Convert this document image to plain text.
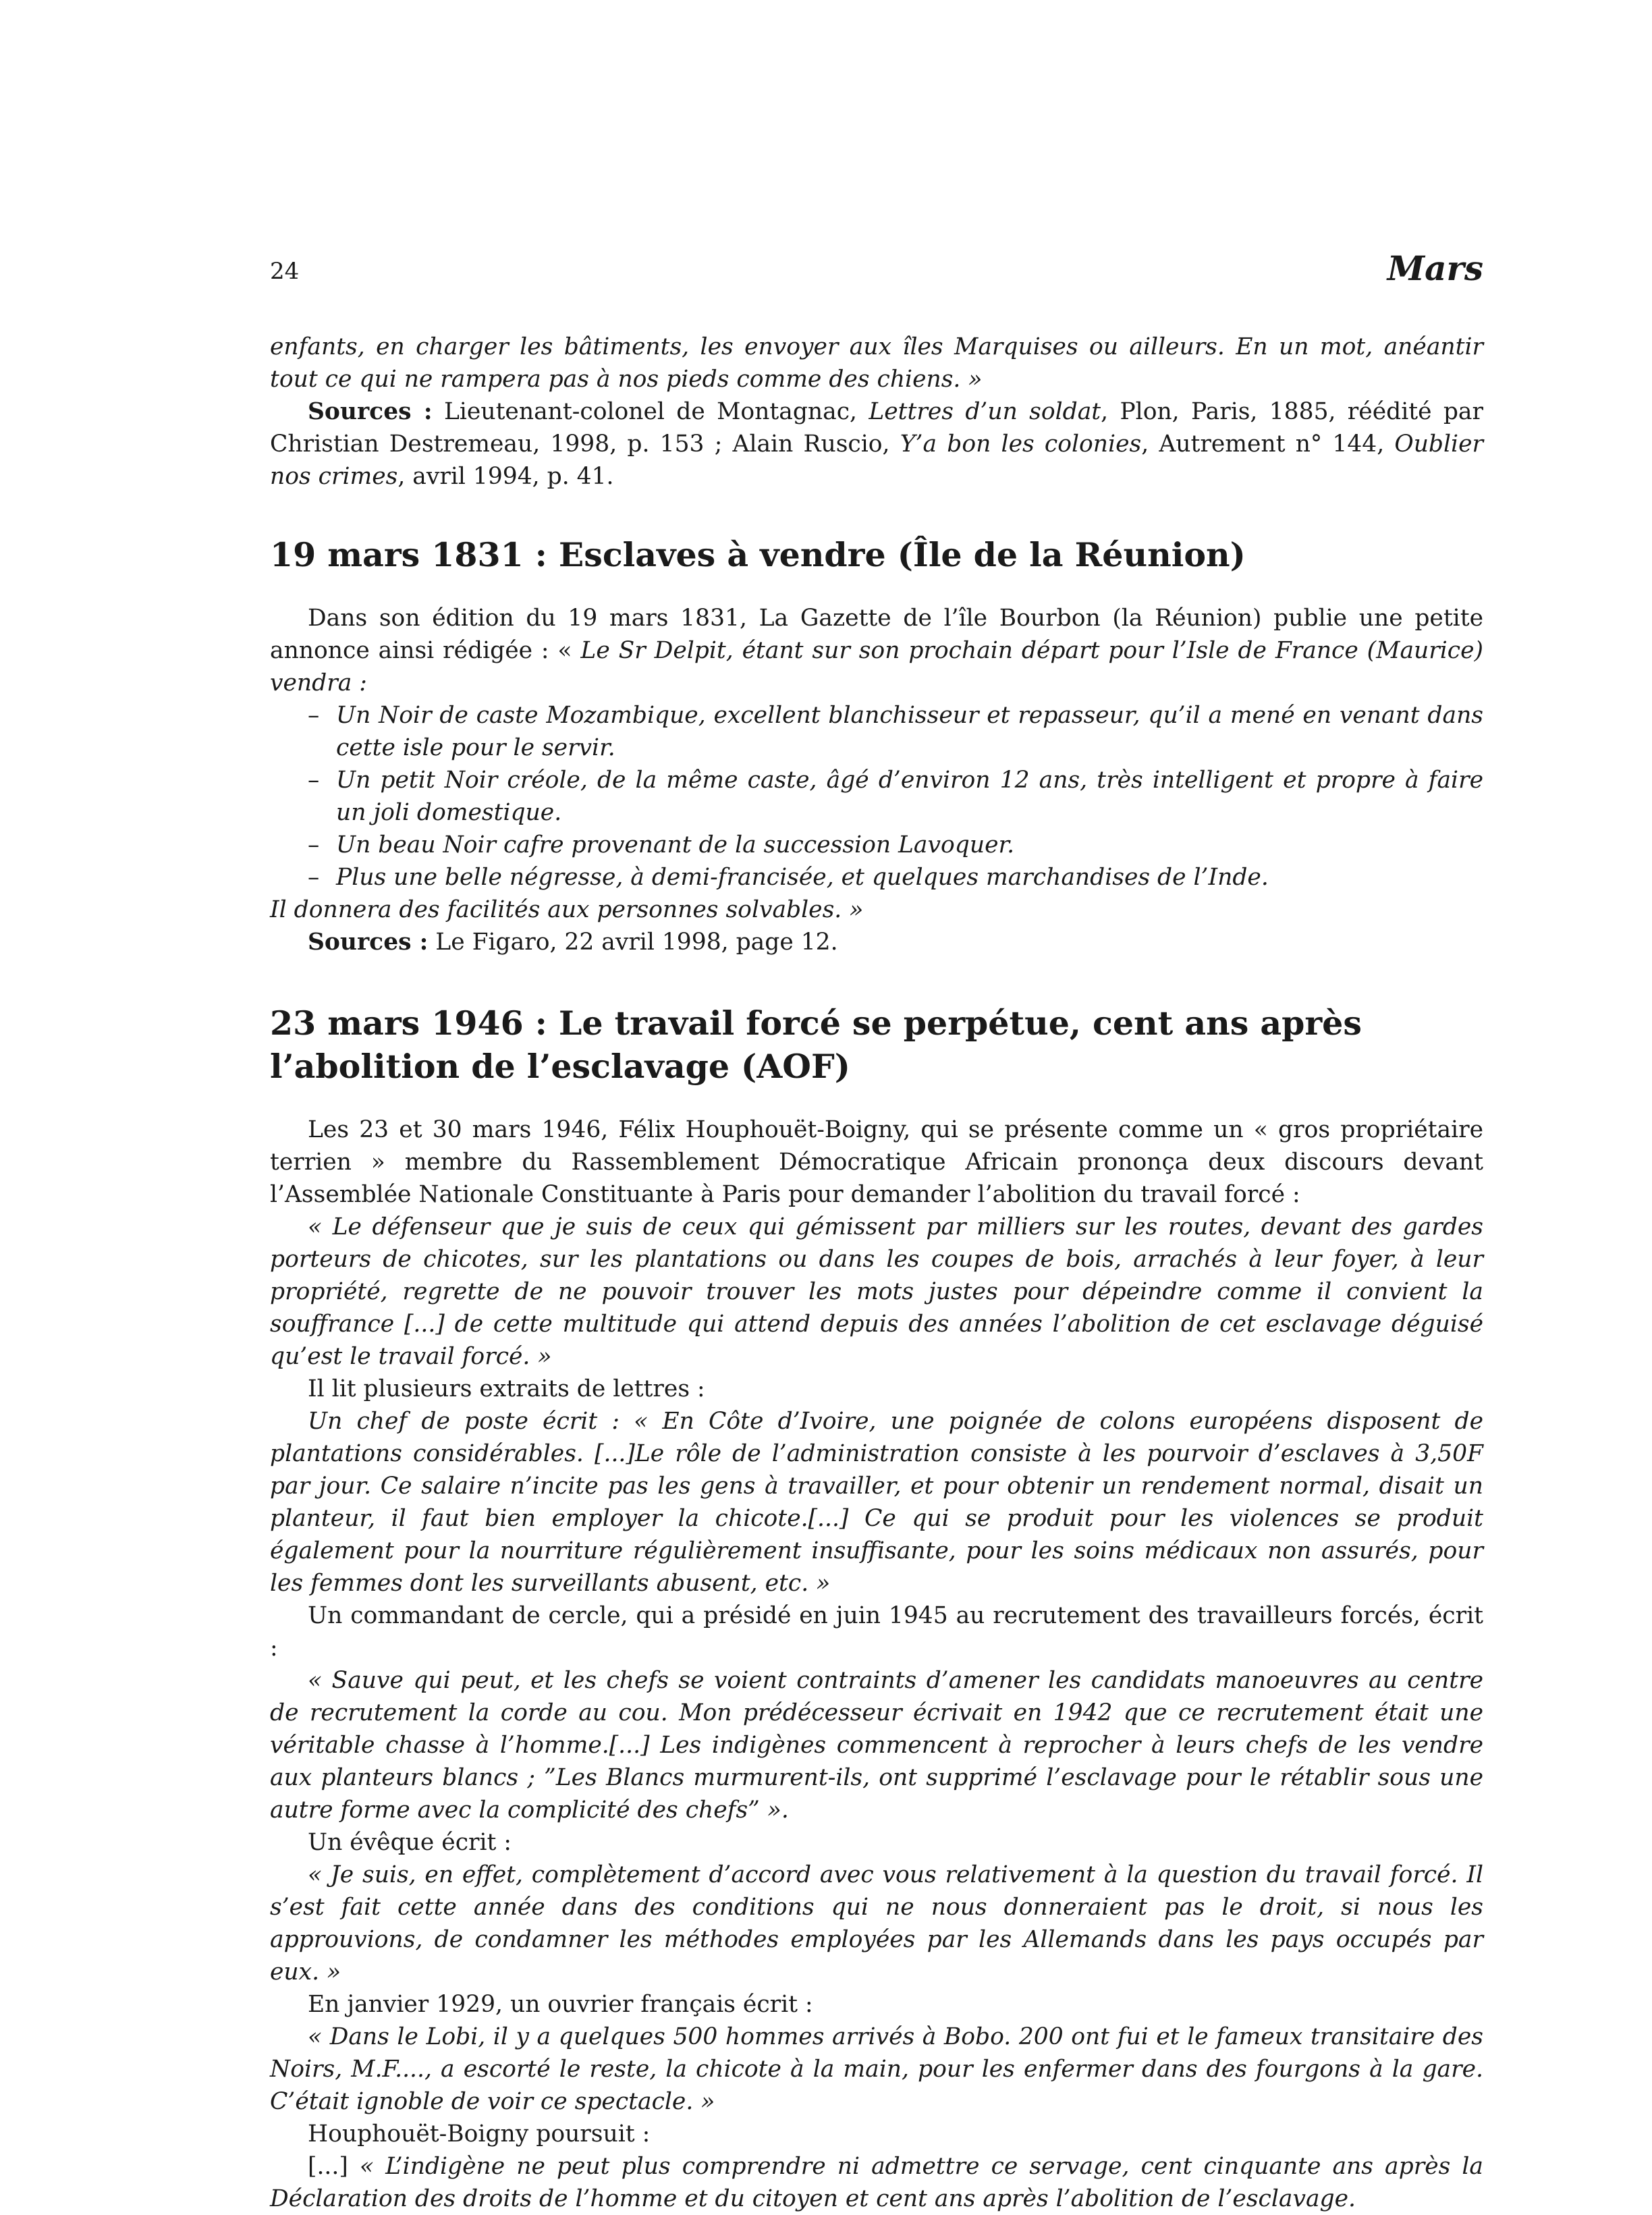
24	Mars

enfants, en charger les bâtiments, les envoyer aux îles Marquises ou ailleurs. En un mot, anéantir tout ce qui ne rampera pas à nos pieds comme des chiens. »

Sources : Lieutenant-colonel de Montagnac, Lettres d’un soldat, Plon, Paris, 1885, réédité par Christian Destremeau, 1998, p. 153 ; Alain Ruscio, Y’a bon les colonies, Autrement n° 144, Oublier nos crimes, avril 1994, p. 41.

19 mars 1831 : Esclaves à vendre (Île de la Réunion)

Dans son édition du 19 mars 1831, La Gazette de l’île Bourbon (la Réunion) publie une petite annonce ainsi rédigée : « Le Sr Delpit, étant sur son prochain départ pour l’Isle de France (Maurice) vendra :

– Un Noir de caste Mozambique, excellent blanchisseur et repasseur, qu’il a mené en venant dans cette isle pour le servir.
– Un petit Noir créole, de la même caste, âgé d’environ 12 ans, très intelligent et propre à faire un joli domestique.
– Un beau Noir cafre provenant de la succession Lavoquer.
– Plus une belle négresse, à demi-francisée, et quelques marchandises de l’Inde.

Il donnera des facilités aux personnes solvables. »

Sources : Le Figaro, 22 avril 1998, page 12.

23 mars 1946 : Le travail forcé se perpétue, cent ans après l’abolition de l’esclavage (AOF)

Les 23 et 30 mars 1946, Félix Houphouët-Boigny, qui se présente comme un « gros propriétaire terrien » membre du Rassemblement Démocratique Africain prononça deux discours devant l’Assemblée Nationale Constituante à Paris pour demander l’abolition du travail forcé :

« Le défenseur que je suis de ceux qui gémissent par milliers sur les routes, devant des gardes porteurs de chicotes, sur les plantations ou dans les coupes de bois, arrachés à leur foyer, à leur propriété, regrette de ne pouvoir trouver les mots justes pour dépeindre comme il convient la souffrance [...] de cette multitude qui attend depuis des années l’abolition de cet esclavage déguisé qu’est le travail forcé. »

Il lit plusieurs extraits de lettres :

Un chef de poste écrit : « En Côte d’Ivoire, une poignée de colons européens disposent de plantations considérables. [...]Le rôle de l’administration consiste à les pourvoir d’esclaves à 3,50F par jour. Ce salaire n’incite pas les gens à travailler, et pour obtenir un rendement normal, disait un planteur, il faut bien employer la chicote.[...] Ce qui se produit pour les violences se produit également pour la nourriture régulièrement insuffisante, pour les soins médicaux non assurés, pour les femmes dont les surveillants abusent, etc. »

Un commandant de cercle, qui a présidé en juin 1945 au recrutement des travailleurs forcés, écrit :

« Sauve qui peut, et les chefs se voient contraints d’amener les candidats manoeuvres au centre de recrutement la corde au cou. Mon prédécesseur écrivait en 1942 que ce recrutement était une véritable chasse à l’homme.[...] Les indigènes commencent à reprocher à leurs chefs de les vendre aux planteurs blancs ; ”Les Blancs murmurent-ils, ont supprimé l’esclavage pour le rétablir sous une autre forme avec la complicité des chefs” ».

Un évêque écrit :

« Je suis, en effet, complètement d’accord avec vous relativement à la question du travail forcé. Il s’est fait cette année dans des conditions qui ne nous donneraient pas le droit, si nous les approuvions, de condamner les méthodes employées par les Allemands dans les pays occupés par eux. »

En janvier 1929, un ouvrier français écrit :

« Dans le Lobi, il y a quelques 500 hommes arrivés à Bobo. 200 ont fui et le fameux transitaire des Noirs, M.F...., a escorté le reste, la chicote à la main, pour les enfermer dans des fourgons à la gare. C’était ignoble de voir ce spectacle. »

Houphouët-Boigny poursuit :

[...] « L’indigène ne peut plus comprendre ni admettre ce servage, cent cinquante ans après la Déclaration des droits de l’homme et du citoyen et cent ans après l’abolition de l’esclavage.
